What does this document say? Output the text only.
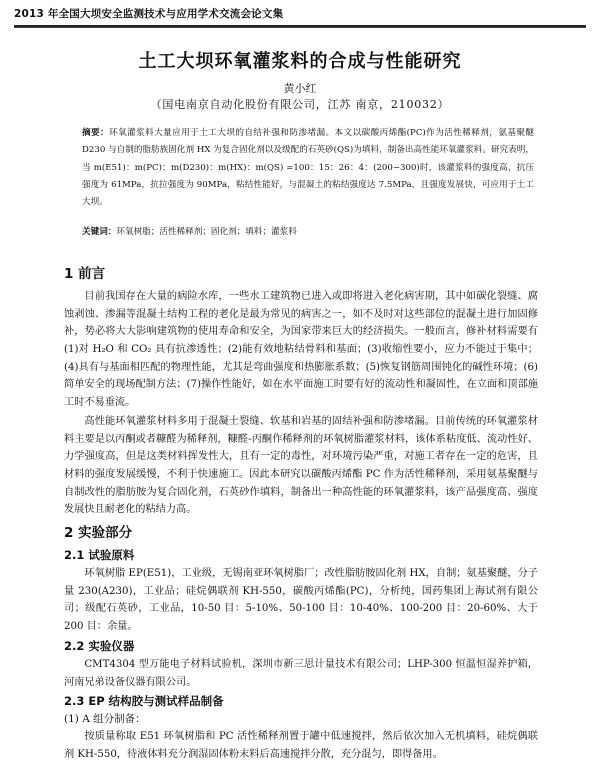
2013 年全国大坝安全监测技术与应用学术交流会论文集
土工大坝环氧灌浆料的合成与性能研究
黄小红
（国电南京自动化股份有限公司，江苏 南京，210032）
摘要：环氧灌浆料大量应用于土工大坝的自结补强和防渗堵漏。本文以碳酸丙烯酯(PC)作为活性稀释剂，氨基聚醚 D230 与自制的脂肪族固化剂 HX 为复合固化剂以及级配的石英砂(QS)为填料，制备出高性能环氧灌浆料。研究表明，当 m(E51)：m(PC)：m(D230)：m(HX)：m(QS) =100：15：26：4：(200~300)时，该灌浆料的强度高，抗压强度为 61MPa，抗拉强度为 90MPa，粘结性能好，与混凝土的粘结强度达 7.5MPa，且强度发展快，可应用于土工大坝。
关键词：环氧树脂；活性稀释剂；固化剂；填料；灌浆料
1 前言
目前我国存在大量的病险水库，一些水工建筑物已进入或即将进入老化病害期，其中如碳化裂缝、腐蚀剥蚀、渗漏等混凝土结构工程的老化是最为常见的病害之一，如不及时对这些部位的混凝土进行加固修补，势必将大大影响建筑物的使用寿命和安全，为国家带来巨大的经济损失。一般而言，修补材料需要有(1)对 H₂O 和 CO₂ 具有抗渗透性；(2)能有效地粘结骨料和基面；(3)收缩性要小，应力不能过于集中；(4)具有与基面相匹配的物理性能，尤其是弯曲强度和热膨胀系数；(5)恢复钢筋周围钝化的碱性环境；(6)简单安全的现场配制方法；(7)操作性能好，如在水平面施工时要有好的流动性和凝固性，在立面和顶部施工时不易垂流。
高性能环氧灌浆材料多用于混凝土裂缝、软基和岩基的固结补强和防渗堵漏。目前传统的环氧灌浆材料主要是以丙酮或者糠醛为稀释剂，糠醛-丙酮作稀释剂的环氧树脂灌浆材料，该体系粘度低、流动性好、力学强度高，但是这类材料挥发性大，且有一定的毒性，对环境污染严重，对施工者存在一定的危害，且材料的强度发展缓慢，不利于快速施工。因此本研究以碳酸丙烯酯 PC 作为活性稀释剂，采用氨基聚醚与自制改性的脂肪胺为复合固化剂，石英砂作填料，制备出一种高性能的环氧灌浆料，该产品强度高、强度发展快且耐老化的粘结力高。
2 实验部分
2.1 试验原料
环氧树脂 EP(E51)，工业级，无锡南亚环氧树脂厂；改性脂肪胺固化剂 HX，自制；氨基聚醚，分子量 230(A230)，工业品；硅烷偶联剂 KH-550，碳酸丙烯酯(PC)，分析纯，国药集团上海试剂有限公司；级配石英砂，工业品，10-50 目：5-10%、50-100 目：10-40%、100-200 目：20-60%、大于 200 目：余量。
2.2 实验仪器
CMT4304 型万能电子材料试验机，深圳市新三思计量技术有限公司；LHP-300 恒温恒湿养护箱，河南兄弟设备仪器有限公司。
2.3 EP 结构胶与测试样品制备
(1) A 组分制备：
按质量称取 E51 环氧树脂和 PC 活性稀释剂置于罐中低速搅拌，然后依次加入无机填料，硅烷偶联剂 KH-550，待液体料充分润湿固体粉末料后高速搅拌分散，充分混匀，即得备用。
